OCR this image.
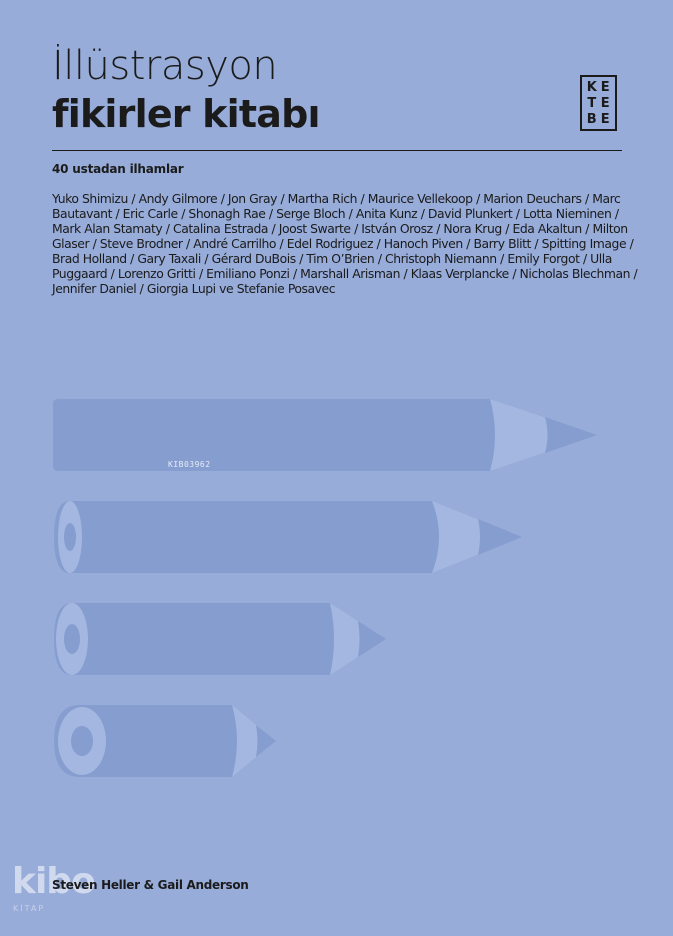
İllüstrasyon
fikirler kitabı
K E
T E
B E
40 ustadan ilhamlar
Yuko Shimizu / Andy Gilmore / Jon Gray / Martha Rich / Maurice Vellekoop / Marion Deuchars / Marc Bautavant / Eric Carle / Shonagh Rae / Serge Bloch / Anita Kunz / David Plunkert / Lotta Nieminen / Mark Alan Stamaty / Catalina Estrada / Joost Swarte / István Orosz / Nora Krug / Eda Akaltun / Milton Glaser / Steve Brodner / André Carrilho / Edel Rodriguez / Hanoch Piven / Barry Blitt / Spitting Image / Brad Holland / Gary Taxali / Gérard DuBois / Tim O’Brien / Christoph Niemann / Emily Forgot / Ulla Puggaard / Lorenzo Gritti / Emiliano Ponzi / Marshall Arisman / Klaas Verplancke / Nicholas Blechman / Jennifer Daniel / Giorgia Lupi ve Stefanie Posavec
KIB03962
kibo
KİTAP
Steven Heller & Gail Anderson
